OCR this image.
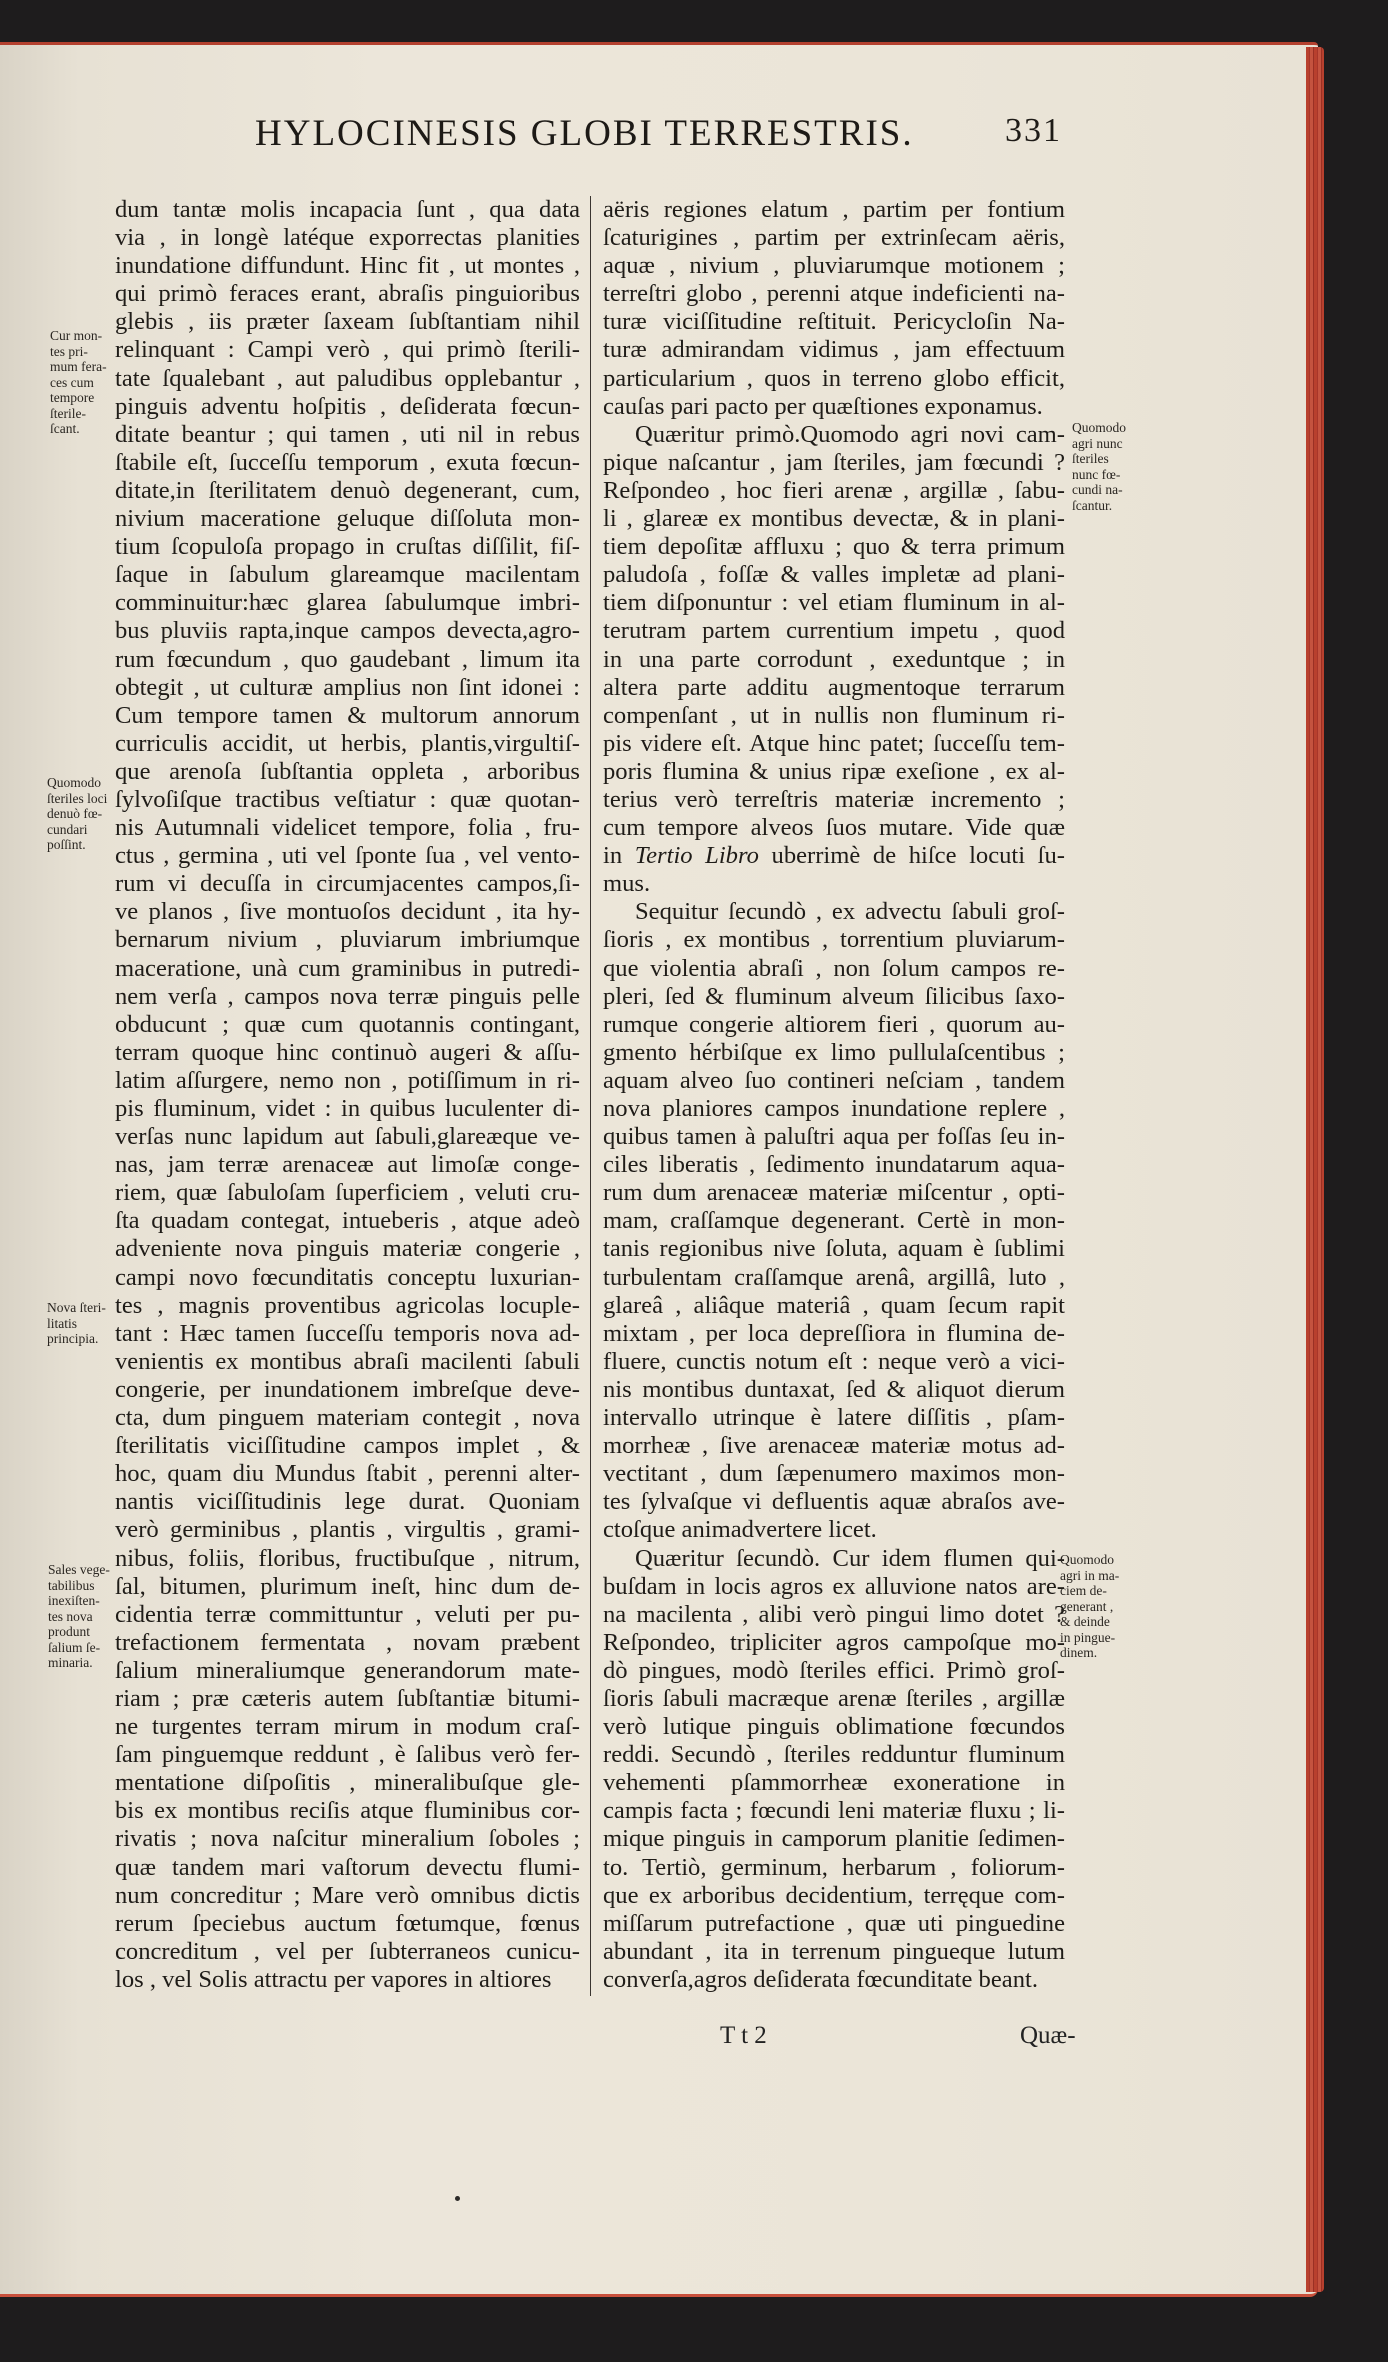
HYLOCINESIS GLOBI TERRESTRIS.	331
dum tantæ molis incapacia ſunt , qua data
via , in longè latéque exporrectas planities
inundatione diffundunt. Hinc fit , ut montes ,
qui primò feraces erant, abraſis pinguioribus
glebis , iis præter ſaxeam ſubſtantiam nihil
relinquant : Campi verò , qui primò ſterili-
tate ſqualebant , aut paludibus opplebantur ,
pinguis adventu hoſpitis , deſiderata fœcun-
ditate beantur ; qui tamen , uti nil in rebus
ſtabile eſt, ſucceſſu temporum , exuta fœcun-
ditate,in ſterilitatem denuò degenerant, cum,
nivium maceratione geluque diſſoluta mon-
tium ſcopuloſa propago in cruſtas diſſilit, fiſ-
ſaque in ſabulum glareamque macilentam
comminuitur:hæc glarea ſabulumque imbri-
bus pluviis rapta,inque campos devecta,agro-
rum fœcundum , quo gaudebant , limum ita
obtegit , ut culturæ amplius non ſint idonei :
Cum tempore tamen & multorum annorum
curriculis accidit, ut herbis, plantis,virgultiſ-
que arenoſa ſubſtantia oppleta , arboribus
ſylvoſiſque tractibus veſtiatur : quæ quotan-
nis Autumnali videlicet tempore, folia , fru-
ctus , germina , uti vel ſponte ſua , vel vento-
rum vi decuſſa in circumjacentes campos,ſi-
ve planos , ſive montuoſos decidunt , ita hy-
bernarum nivium , pluviarum imbriumque
maceratione, unà cum graminibus in putredi-
nem verſa , campos nova terræ pinguis pelle
obducunt ; quæ cum quotannis contingant,
terram quoque hinc continuò augeri & aſſu-
latim aſſurgere, nemo non , potiſſimum in ri-
pis fluminum, videt : in quibus luculenter di-
verſas nunc lapidum aut ſabuli,glareæque ve-
nas, jam terræ arenaceæ aut limoſæ conge-
riem, quæ ſabuloſam ſuperficiem , veluti cru-
ſta quadam contegat, intueberis , atque adeò
adveniente nova pinguis materiæ congerie ,
campi novo fœcunditatis conceptu luxurian-
tes , magnis proventibus agricolas locuple-
tant : Hæc tamen ſucceſſu temporis nova ad-
venientis ex montibus abraſi macilenti ſabuli
congerie, per inundationem imbreſque deve-
cta, dum pinguem materiam contegit , nova
ſterilitatis viciſſitudine campos implet , &
hoc, quam diu Mundus ſtabit , perenni alter-
nantis viciſſitudinis lege durat. Quoniam
verò germinibus , plantis , virgultis , grami-
nibus, foliis, floribus, fructibuſque , nitrum,
ſal, bitumen, plurimum ineſt, hinc dum de-
cidentia terræ committuntur , veluti per pu-
trefactionem fermentata , novam præbent
ſalium mineraliumque generandorum mate-
riam ; præ cæteris autem ſubſtantiæ bitumi-
ne turgentes terram mirum in modum craſ-
ſam pinguemque reddunt , è ſalibus verò fer-
mentatione diſpoſitis , mineralibuſque gle-
bis ex montibus reciſis atque fluminibus cor-
rivatis ; nova naſcitur mineralium ſoboles ;
quæ tandem mari vaſtorum devectu flumi-
num concreditur ; Mare verò omnibus dictis
rerum ſpeciebus auctum fœtumque, fœnus
concreditum , vel per ſubterraneos cunicu-
los , vel Solis attractu per vapores in altiores
aëris regiones elatum , partim per fontium
ſcaturigines , partim per extrinſecam aëris,
aquæ , nivium , pluviarumque motionem ;
terreſtri globo , perenni atque indeficienti na-
turæ viciſſitudine reſtituit. Pericycloſin Na-
turæ admirandam vidimus , jam effectuum
particularium , quos in terreno globo efficit,
cauſas pari pacto per quæſtiones exponamus.
Quæritur primò.Quomodo agri novi cam-
pique naſcantur , jam ſteriles, jam fœcundi ?
Reſpondeo , hoc fieri arenæ , argillæ , ſabu-
li , glareæ ex montibus devectæ, & in plani-
tiem depoſitæ affluxu ; quo & terra primum
paludoſa , foſſæ & valles impletæ ad plani-
tiem diſponuntur : vel etiam fluminum in al-
terutram partem currentium impetu , quod
in una parte corrodunt , exeduntque ; in
altera parte additu augmentoque terrarum
compenſant , ut in nullis non fluminum ri-
pis videre eſt. Atque hinc patet; ſucceſſu tem-
poris flumina & unius ripæ exeſione , ex al-
terius verò terreſtris materiæ incremento ;
cum tempore alveos ſuos mutare. Vide quæ
in Tertio Libro uberrimè de hiſce locuti ſu-
mus.
Sequitur ſecundò , ex advectu ſabuli groſ-
ſioris , ex montibus , torrentium pluviarum-
que violentia abraſi , non ſolum campos re-
pleri, ſed & fluminum alveum ſilicibus ſaxo-
rumque congerie altiorem fieri , quorum au-
gmento hérbiſque ex limo pullulaſcentibus ;
aquam alveo ſuo contineri neſciam , tandem
nova planiores campos inundatione replere ,
quibus tamen à paluſtri aqua per foſſas ſeu in-
ciles liberatis , ſedimento inundatarum aqua-
rum dum arenaceæ materiæ miſcentur , opti-
mam, craſſamque degenerant. Certè in mon-
tanis regionibus nive ſoluta, aquam è ſublimi
turbulentam craſſamque arenâ, argillâ, luto ,
glareâ , aliâque materiâ , quam ſecum rapit
mixtam , per loca depreſſiora in flumina de-
fluere, cunctis notum eſt : neque verò a vici-
nis montibus duntaxat, ſed & aliquot dierum
intervallo utrinque è latere diſſitis , pſam-
morrheæ , ſive arenaceæ materiæ motus ad-
vectitant , dum ſæpenumero maximos mon-
tes ſylvaſque vi defluentis aquæ abraſos ave-
ctoſque animadvertere licet.
Quæritur ſecundò. Cur idem flumen qui-
buſdam in locis agros ex alluvione natos are-
na macilenta , alibi verò pingui limo dotet ?
Reſpondeo, tripliciter agros campoſque mo-
dò pingues, modò ſteriles effici. Primò groſ-
ſioris ſabuli macræque arenæ ſteriles , argillæ
verò lutique pinguis oblimatione fœcundos
reddi. Secundò , ſteriles redduntur fluminum
vehementi pſammorrheæ exoneratione in
campis facta ; fœcundi leni materiæ fluxu ; li-
mique pinguis in camporum planitie ſedimen-
to. Tertiò, germinum, herbarum , foliorum-
que ex arboribus decidentium, terręque com-
miſſarum putrefactione , quæ uti pinguedine
abundant , ita in terrenum pingueque lutum
converſa,agros deſiderata fœcunditate beant.
Cur mon-
tes pri-
mum fera-
ces cum
tempore
ſterile-
ſcant.
Quomodo
ſteriles loci
denuò fœ-
cundari
poſſint.
Nova ſteri-
litatis
principia.
Sales vege-
tabilibus
inexiſten-
tes nova
produnt
ſalium ſe-
minaria.
Quomodo
agri nunc
ſteriles
nunc fœ-
cundi na-
ſcantur.
Quomodo
agri in ma-
ciem de-
generant ,
& deinde
in pingue-
dinem.
T t 2	Quæ-
